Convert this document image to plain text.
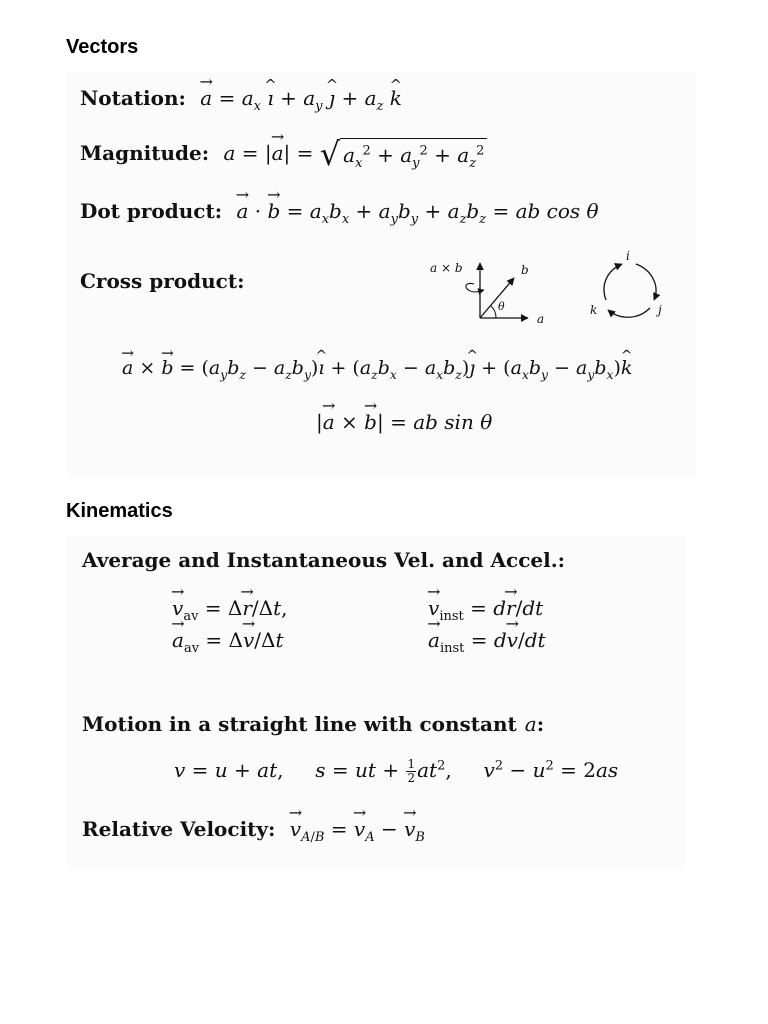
Vectors
Notation: → $a = a_x$ ^ ı + $a_y$ ^ ȷ + $a_z$ ^ k
Magnitude: a = |→ a| = √ $a_x^2 + a_y^2 + a_z^2$
Dot product: → a · → $b = a_xb_x + a_yb_y + a_zb_z$ = ab cos θ
Cross product:
a × b	b
a
θ
i
j
k
→ a × → $b = (a_yb_z$ − $a_zb_y)\^{}$ ı + ($a_zb_x$ − $a_xb_z)\^{}$ ȷ + ($a_xb_y$ − $a_yb_x)\^{}$ k
|→ a × → b| = ab sin θ
Kinematics
Average and Instantaneous Vel. and Accel.:
→ $v_{av} = \Delta\to r/\Delta t$,	→ $v_{inst} = d\to r/dt$
→ $a_{av} = \Delta\to v/\Delta t$	→ $a_{inst} = d\to v/dt$
Motion in a straight line with constant a:
v = u + at,     s = ut + $\frac{1}{2} at^2$,     $v^2 - u^2 = 2as$
Relative Velocity: → $v_{A/B}$ = → $v_A$ − → $v_B$
